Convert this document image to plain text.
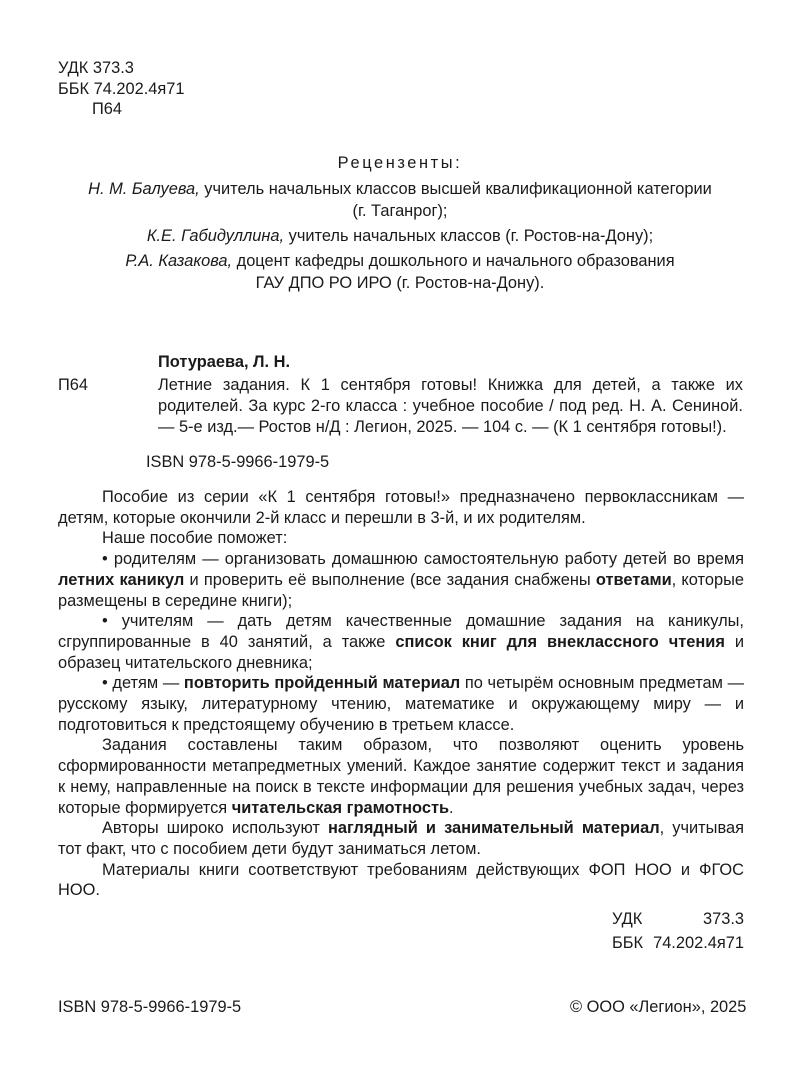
УДК 373.3
ББК 74.202.4я71
П64
Рецензенты:
Н. М. Балуева, учитель начальных классов высшей квалификационной категории
(г. Таганрог);
К.Е. Габидуллина, учитель начальных классов (г. Ростов-на-Дону);
Р.А. Казакова, доцент кафедры дошкольного и начального образования
ГАУ ДПО РО ИРО (г. Ростов-на-Дону).
П64
Потураева, Л. Н.
Летние задания. К 1 сентября готовы! Книжка для детей, а также их родителей. За курс 2-го класса : учебное пособие / под ред. Н. А. Сениной. — 5-е изд.— Ростов н/Д : Легион, 2025. — 104 с. — (К 1 сентября готовы!).
ISBN 978-5-9966-1979-5

Пособие из серии «К 1 сентября готовы!» предназначено первоклассникам — детям, которые окончили 2-й класс и перешли в 3-й, и их родителям.

Наше пособие поможет:

• родителям — организовать домашнюю самостоятельную работу детей во время летних каникул и проверить её выполнение (все задания снабжены ответами, которые размещены в середине книги);

• учителям — дать детям качественные домашние задания на каникулы, сгруппированные в 40 занятий, а также список книг для внеклассного чтения и образец читательского дневника;

• детям — повторить пройденный материал по четырём основным предметам — русскому языку, литературному чтению, математике и окружающему миру — и подготовиться к предстоящему обучению в третьем классе.

Задания составлены таким образом, что позволяют оценить уровень сформированности метапредметных умений. Каждое занятие содержит текст и задания к нему, направленные на поиск в тексте информации для решения учебных задач, через которые формируется читательская грамотность.

Авторы широко используют наглядный и занимательный материал, учитывая тот факт, что с пособием дети будут заниматься летом.

Материалы книги соответствуют требованиям действующих ФОП НОО и ФГОС НОО.

УДК	373.3
ББК 74.202.4я71
ISBN 978-5-9966-1979-5	© ООО «Легион», 2025
